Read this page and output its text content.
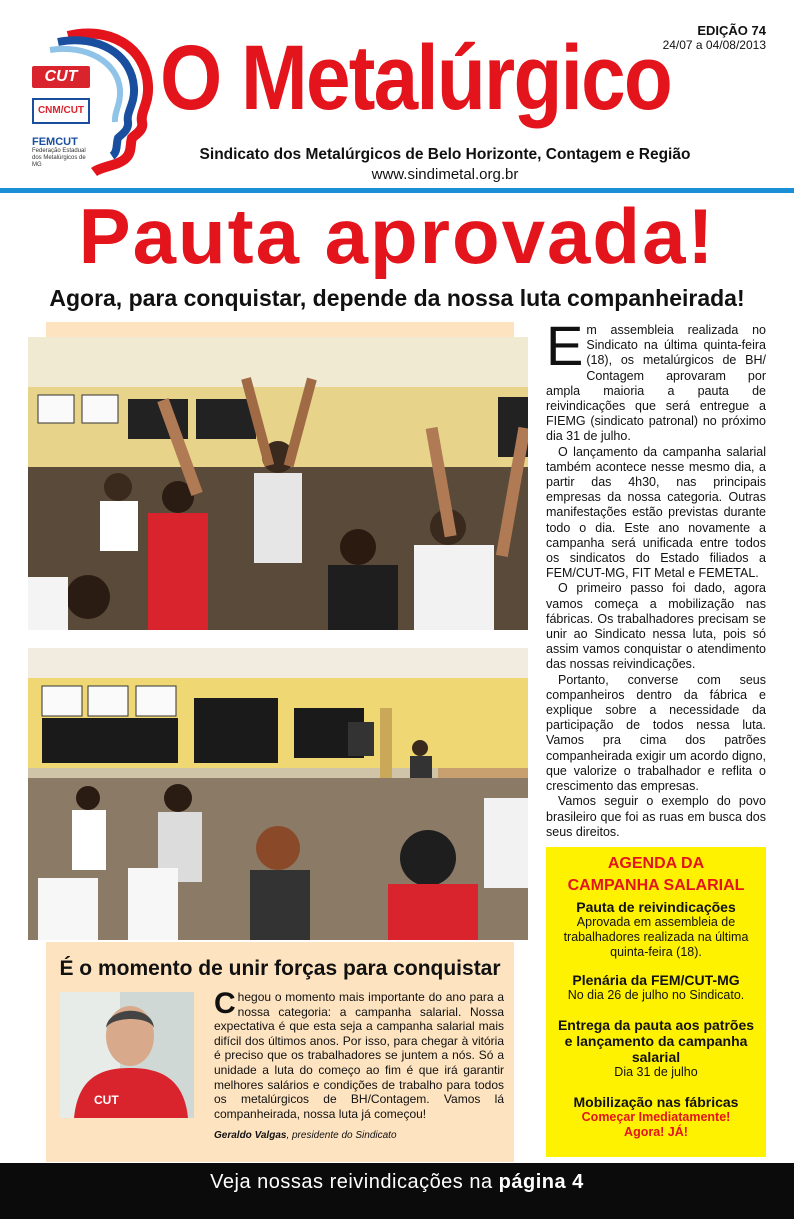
CUT
CNM/CUT
FEMCUT
Federação Estadual dos Metalúrgicos de MG
O Metalúrgico	EDIÇÃO 74
24/07 a 04/08/2013
Sindicato dos Metalúrgicos de Belo Horizonte, Contagem e Região
www.sindimetal.org.br
Pauta aprovada!
Agora, para conquistar, depende da nossa luta companheirada!
É o momento de unir forças para conquistar
CUT
Chegou o momento mais importante do ano para a nossa categoria: a campanha salarial. Nossa expectativa é que esta seja a campanha salarial mais difícil dos últimos anos. Por isso, para chegar à vitória é preciso que os trabalhadores se juntem a nós. Só a unidade a luta do começo ao fim é que irá garantir melhores salários e condições de trabalho para todos os metalúrgicos de BH/Contagem. Vamos lá companheirada, nossa luta já começou!
Geraldo Valgas, presidente do Sindicato

Em assembleia realizada no Sindicato na última quinta-feira (18), os metalúrgicos de BH/ Contagem aprovaram por ampla maioria a pauta de reivindicações que será entregue a FIEMG (sindicato patronal) no próximo dia 31 de julho.

O lançamento da campanha salarial também acontece nesse mesmo dia, a partir das 4h30, nas principais empresas da nossa categoria. Outras manifestações estão previstas durante todo o dia. Este ano novamente a campanha será unificada entre todos os sindicatos do Estado filiados a FEM/CUT-MG, FIT Metal e FEMETAL.

O primeiro passo foi dado, agora vamos começa a mobilização nas fábricas. Os trabalhadores precisam se unir ao Sindicato nessa luta, pois só assim vamos conquistar o atendimento das nossas reivindicações.

Portanto, converse com seus companheiros dentro da fábrica e explique sobre a necessidade da participação de todos nessa luta. Vamos pra cima dos patrões companheirada exigir um acordo digno, que valorize o trabalhador e reflita o crescimento das empresas.

Vamos seguir o exemplo do povo brasileiro que foi as ruas em busca dos seus direitos.

AGENDA DA
CAMPANHA SALARIAL
Pauta de reivindicações
Aprovada em assembleia de trabalhadores realizada na última quinta-feira (18).
Plenária da FEM/CUT-MG
No dia 26 de julho no Sindicato.
Entrega da pauta aos patrões e lançamento da campanha salarial
Dia 31 de julho
Mobilização nas fábricas
Começar Imediatamente!
Agora! JÁ!
Veja nossas reivindicações na página 4
